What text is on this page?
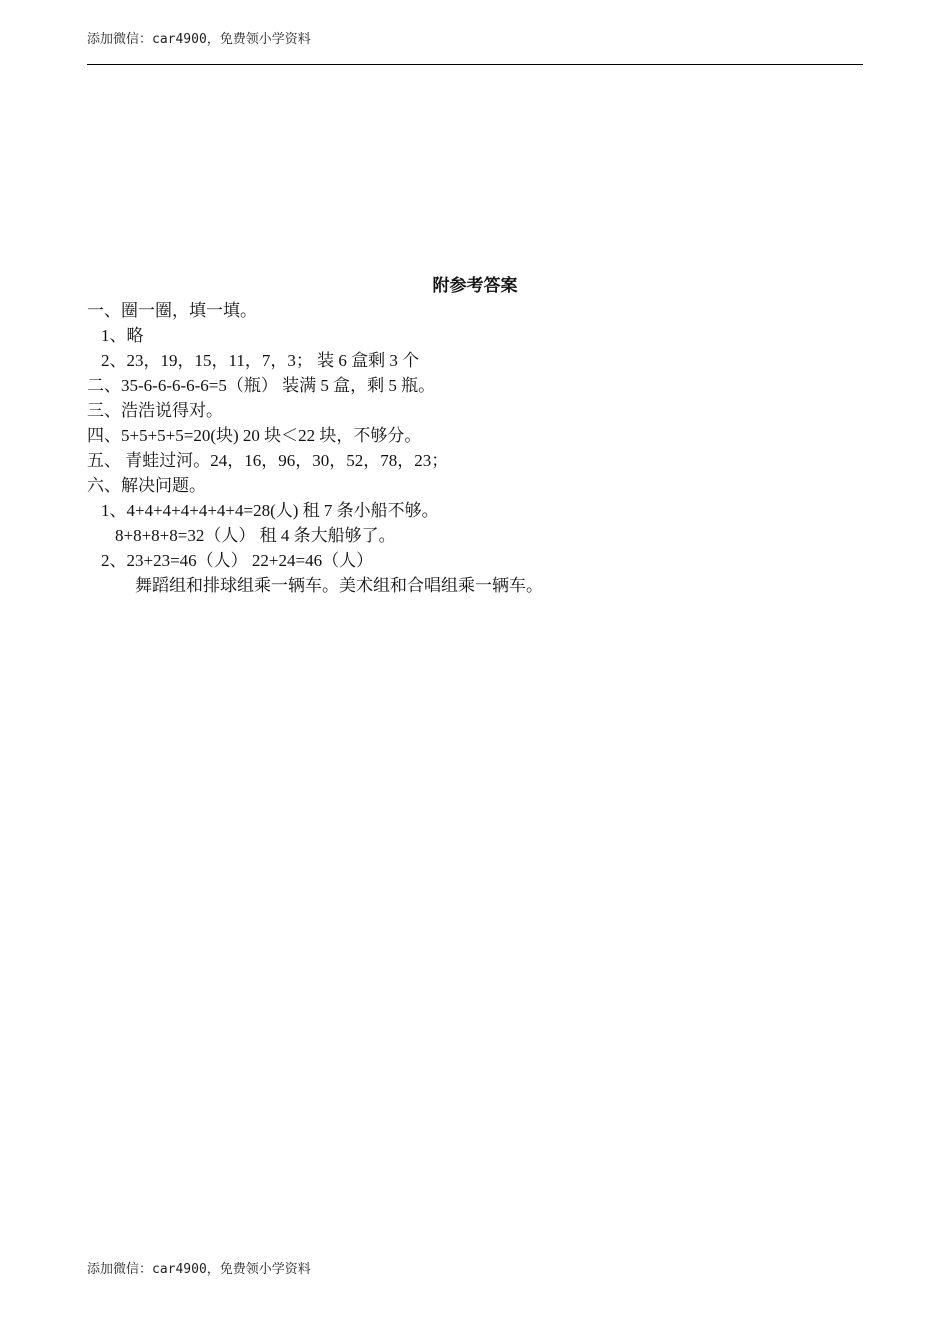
添加微信：car4900，免费领小学资料
附参考答案
一、圈一圈，填一填。
1、略
2、23，19，15，11，7，3； 装 6 盒剩 3 个
二、35-6-6-6-6-6=5（瓶） 装满 5 盒，剩 5 瓶。
三、浩浩说得对。
四、5+5+5+5=20(块) 20 块＜22 块，不够分。
五、 青蛙过河。24，16，96，30，52，78，23；
六、解决问题。
1、4+4+4+4+4+4+4=28(人) 租 7 条小船不够。
8+8+8+8=32（人） 租 4 条大船够了。
2、23+23=46（人） 22+24=46（人）
舞蹈组和排球组乘一辆车。美术组和合唱组乘一辆车。
添加微信：car4900，免费领小学资料
